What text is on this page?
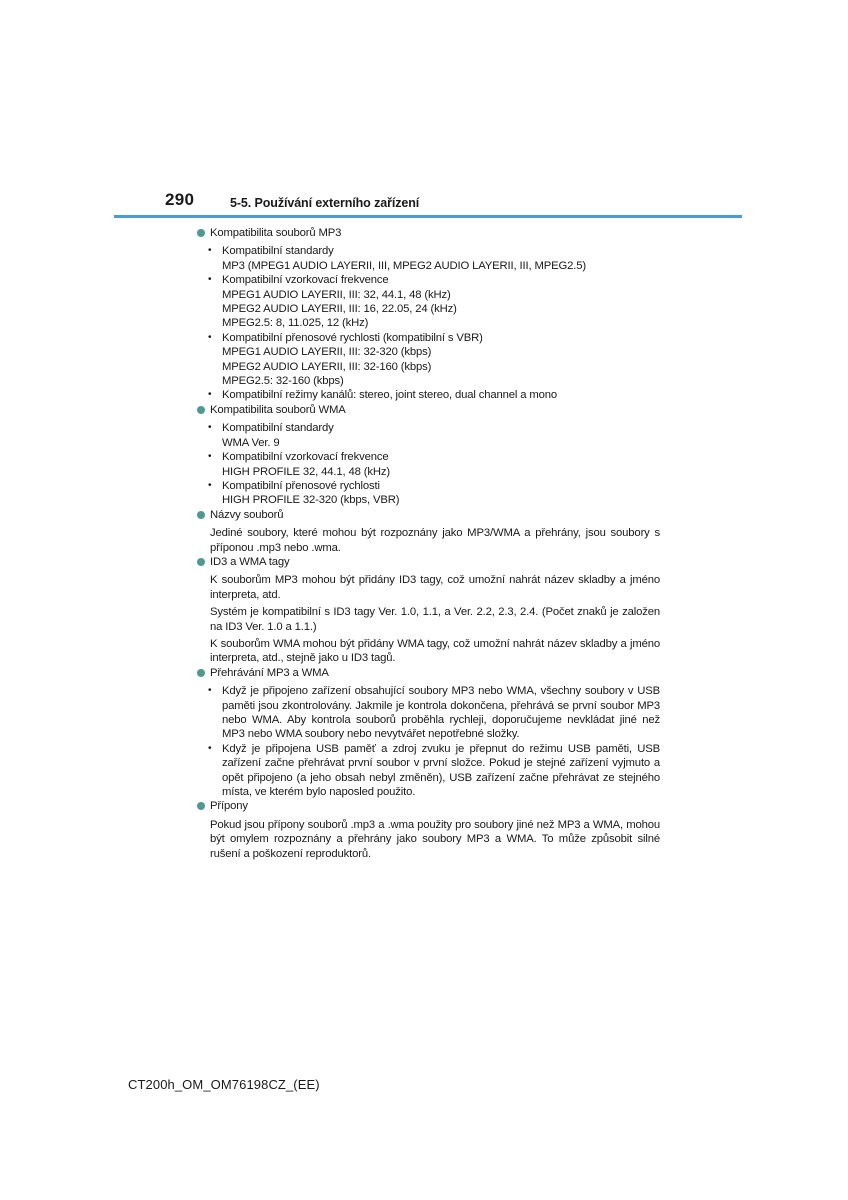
290	5-5. Používání externího zařízení
Kompatibilita souborů MP3
• Kompatibilní standardy
MP3 (MPEG1 AUDIO LAYERII, III, MPEG2 AUDIO LAYERII, III, MPEG2.5)
• Kompatibilní vzorkovací frekvence
MPEG1 AUDIO LAYERII, III: 32, 44.1, 48 (kHz)
MPEG2 AUDIO LAYERII, III: 16, 22.05, 24 (kHz)
MPEG2.5: 8, 11.025, 12 (kHz)
• Kompatibilní přenosové rychlosti (kompatibilní s VBR)
MPEG1 AUDIO LAYERII, III: 32-320 (kbps)
MPEG2 AUDIO LAYERII, III: 32-160 (kbps)
MPEG2.5: 32-160 (kbps)
• Kompatibilní režimy kanálů: stereo, joint stereo, dual channel a mono
Kompatibilita souborů WMA
• Kompatibilní standardy
WMA Ver. 9
• Kompatibilní vzorkovací frekvence
HIGH PROFILE 32, 44.1, 48 (kHz)
• Kompatibilní přenosové rychlosti
HIGH PROFILE 32-320 (kbps, VBR)
Názvy souborů

Jediné soubory, které mohou být rozpoznány jako MP3/WMA a přehrány, jsou soubory s příponou .mp3 nebo .wma.

ID3 a WMA tagy

K souborům MP3 mohou být přidány ID3 tagy, což umožní nahrát název skladby a jméno interpreta, atd.

Systém je kompatibilní s ID3 tagy Ver. 1.0, 1.1, a Ver. 2.2, 2.3, 2.4. (Počet znaků je založen na ID3 Ver. 1.0 a 1.1.)

K souborům WMA mohou být přidány WMA tagy, což umožní nahrát název skladby a jméno interpreta, atd., stejně jako u ID3 tagů.

Přehrávání MP3 a WMA
• Když je připojeno zařízení obsahující soubory MP3 nebo WMA, všechny soubory v USB paměti jsou zkontrolovány. Jakmile je kontrola dokončena, přehrává se první soubor MP3 nebo WMA. Aby kontrola souborů proběhla rychleji, doporučujeme nevkládat jiné než MP3 nebo WMA soubory nebo nevytvářet nepotřebné složky.
• Když je připojena USB paměť a zdroj zvuku je přepnut do režimu USB paměti, USB zařízení začne přehrávat první soubor v první složce. Pokud je stejné zařízení vyjmuto a opět připojeno (a jeho obsah nebyl změněn), USB zařízení začne přehrávat ze stejného místa, ve kterém bylo naposled použito.
Přípony

Pokud jsou přípony souborů .mp3 a .wma použity pro soubory jiné než MP3 a WMA, mohou být omylem rozpoznány a přehrány jako soubory MP3 a WMA. To může způsobit silné rušení a poškození reproduktorů.

CT200h_OM_OM76198CZ_(EE)
